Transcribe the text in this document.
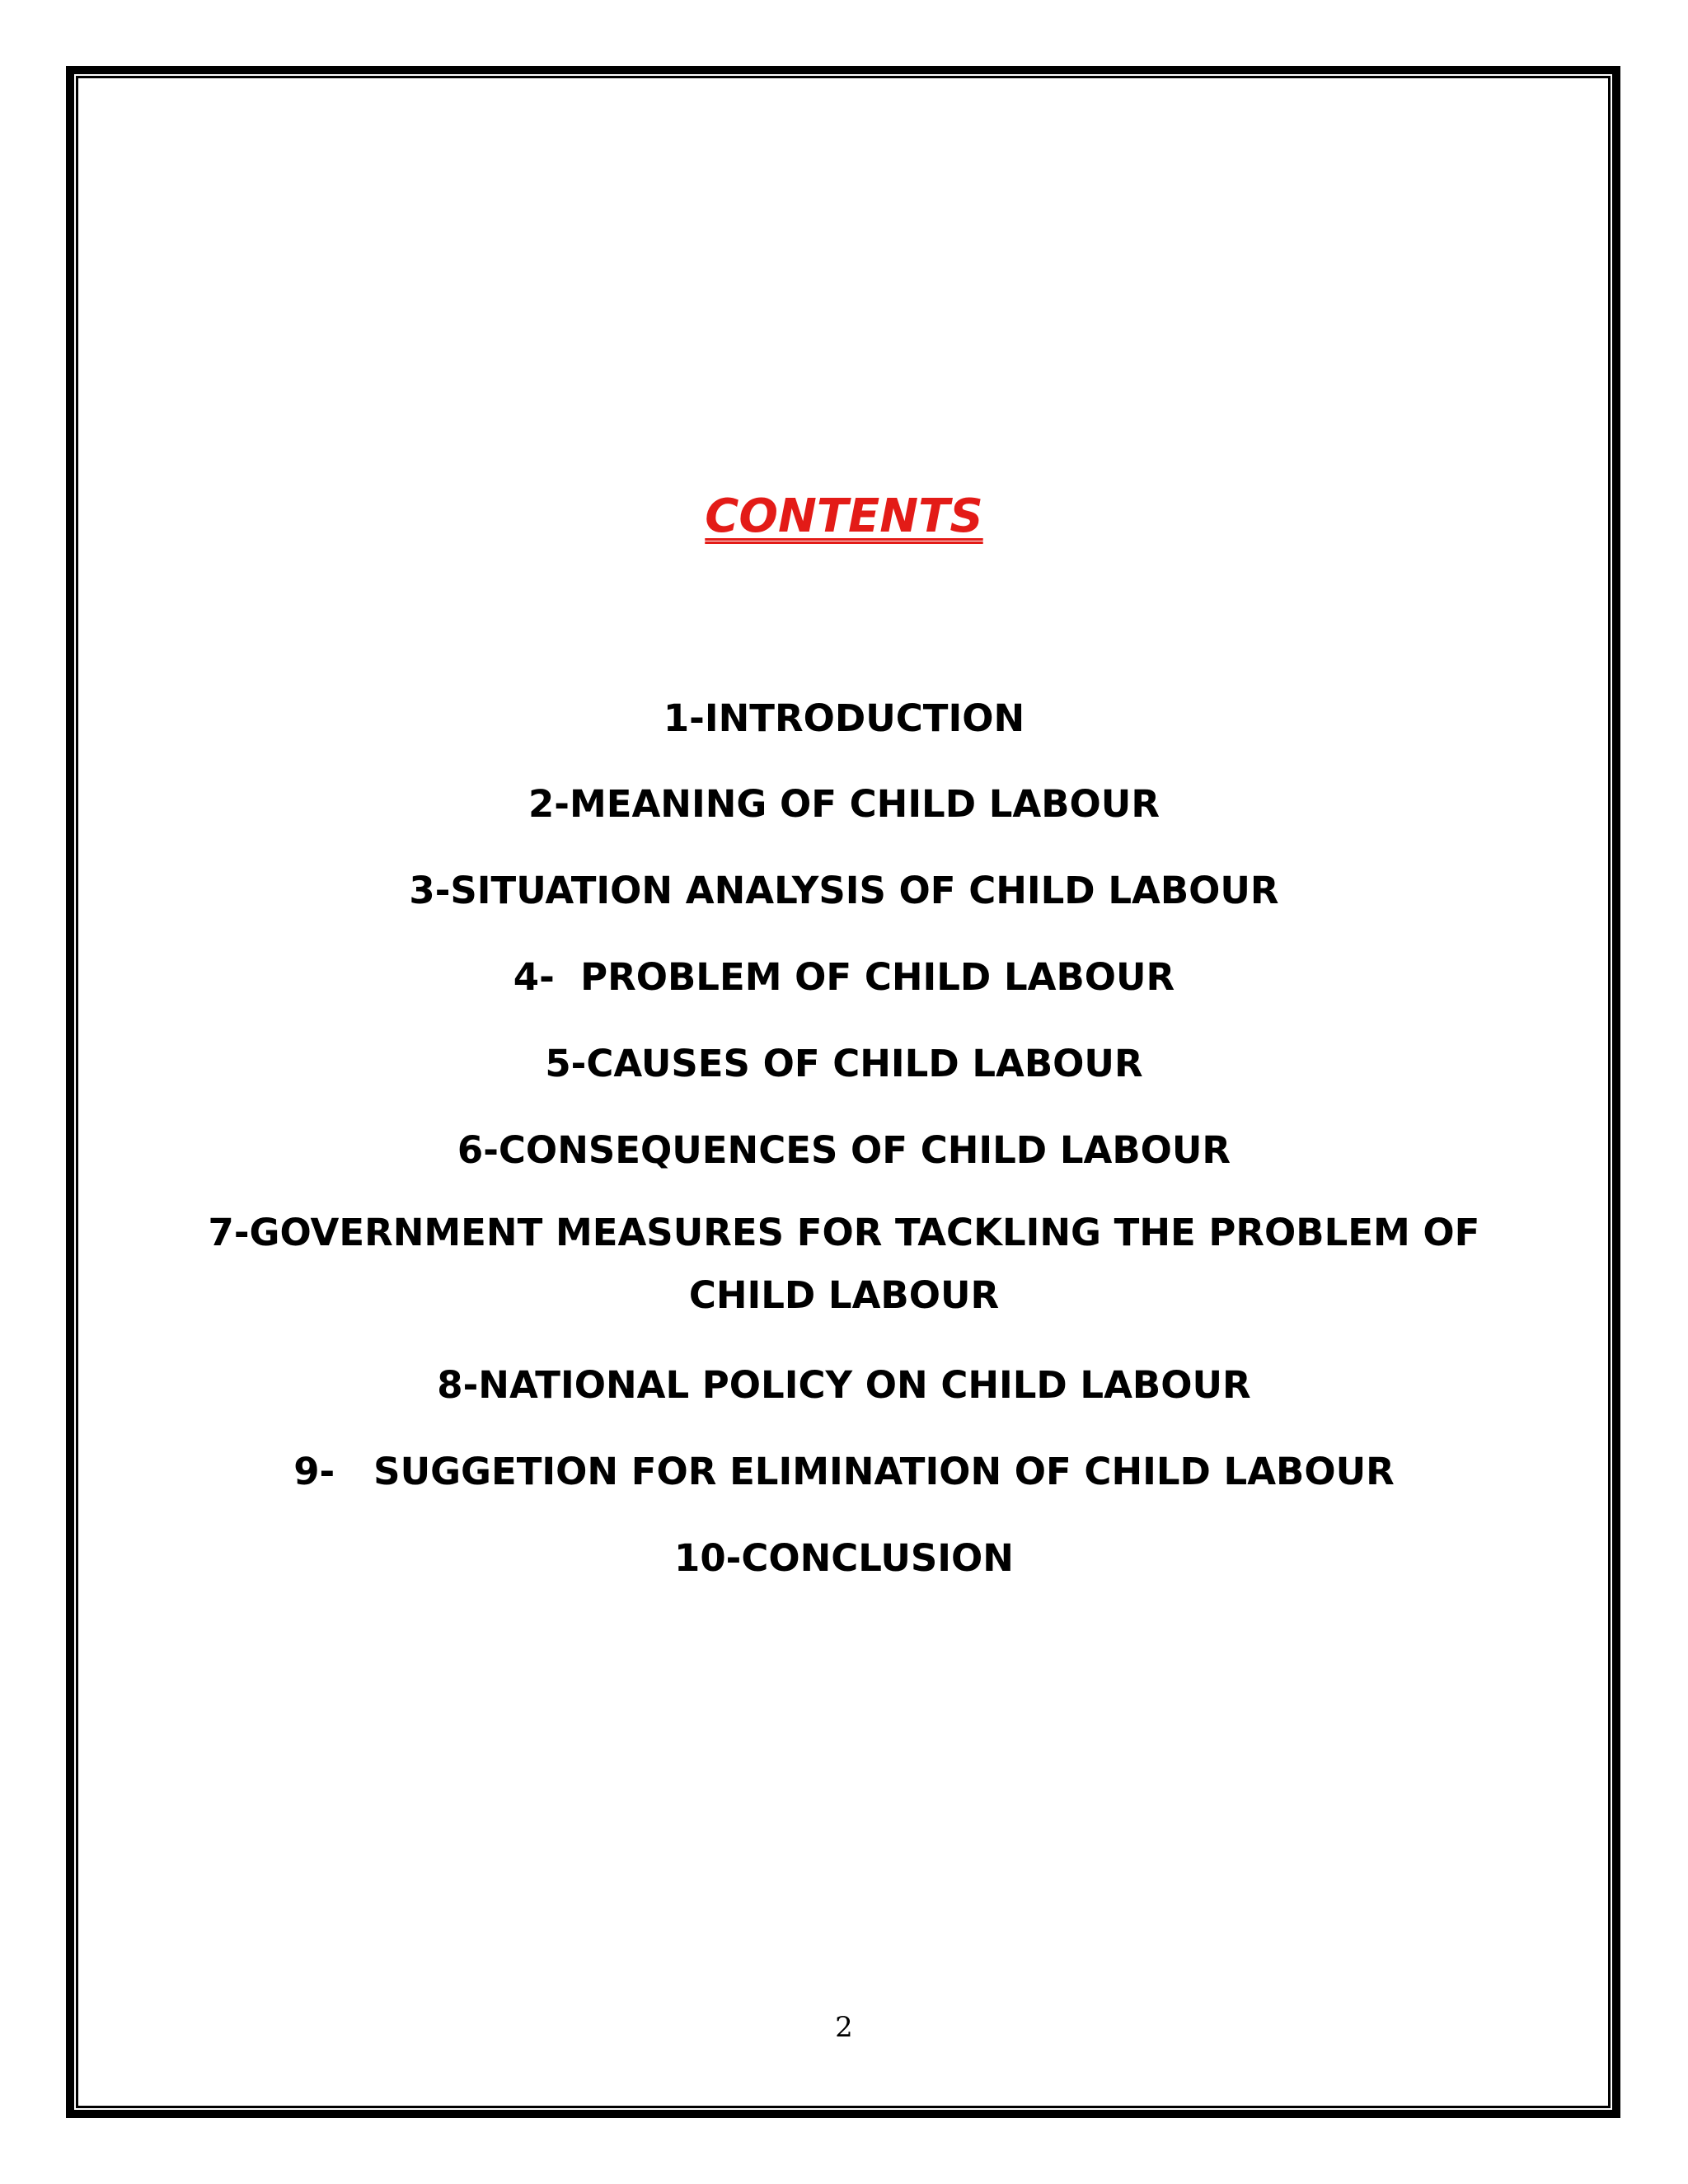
CONTENTS

1-INTRODUCTION

2-MEANING OF CHILD LABOUR

3-SITUATION ANALYSIS OF CHILD LABOUR

4-  PROBLEM OF CHILD LABOUR

5-CAUSES OF CHILD LABOUR

6-CONSEQUENCES OF CHILD LABOUR

7-GOVERNMENT MEASURES FOR TACKLING THE PROBLEM OF

CHILD LABOUR

8-NATIONAL POLICY ON CHILD LABOUR

9-   SUGGETION FOR ELIMINATION OF CHILD LABOUR

10-CONCLUSION

2
